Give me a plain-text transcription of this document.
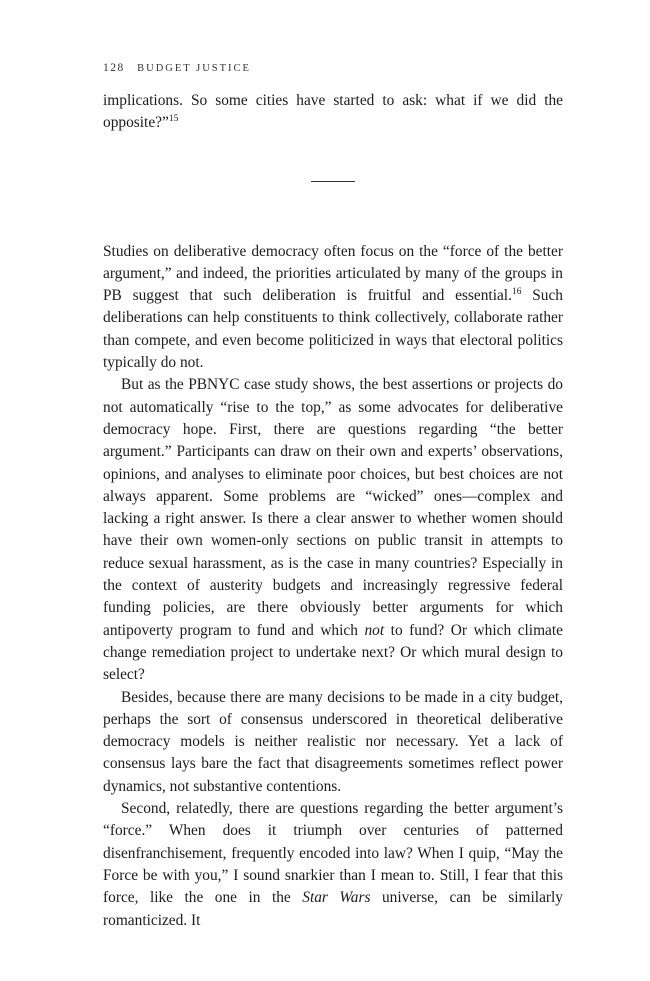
128 BUDGET JUSTICE

implications. So some cities have started to ask: what if we did the opposite?”$^{15}$

Studies on deliberative democracy often focus on the “force of the better argument,” and indeed, the priorities articulated by many of the groups in PB suggest that such deliberation is fruitful and essential.$^{16}$ Such deliberations can help constituents to think collectively, collaborate rather than compete, and even become politicized in ways that electoral politics typically do not.

But as the PBNYC case study shows, the best assertions or projects do not automatically “rise to the top,” as some advocates for deliberative democracy hope. First, there are questions regarding “the better argument.” Participants can draw on their own and experts’ observations, opinions, and analyses to eliminate poor choices, but best choices are not always apparent. Some problems are “wicked” ones—complex and lacking a right answer. Is there a clear answer to whether women should have their own women-only sections on public transit in attempts to reduce sexual harassment, as is the case in many countries? Especially in the context of austerity budgets and increasingly regressive federal funding policies, are there obviously better arguments for which antipoverty program to fund and which not to fund? Or which climate change remediation project to undertake next? Or which mural design to select?

Besides, because there are many decisions to be made in a city budget, perhaps the sort of consensus underscored in theoretical deliberative democracy models is neither realistic nor necessary. Yet a lack of consensus lays bare the fact that disagreements sometimes reflect power dynamics, not substantive contentions.

Second, relatedly, there are questions regarding the better argument’s “force.” When does it triumph over centuries of patterned disenfranchisement, frequently encoded into law? When I quip, “May the Force be with you,” I sound snarkier than I mean to. Still, I fear that this force, like the one in the Star Wars universe, can be similarly romanticized. It
